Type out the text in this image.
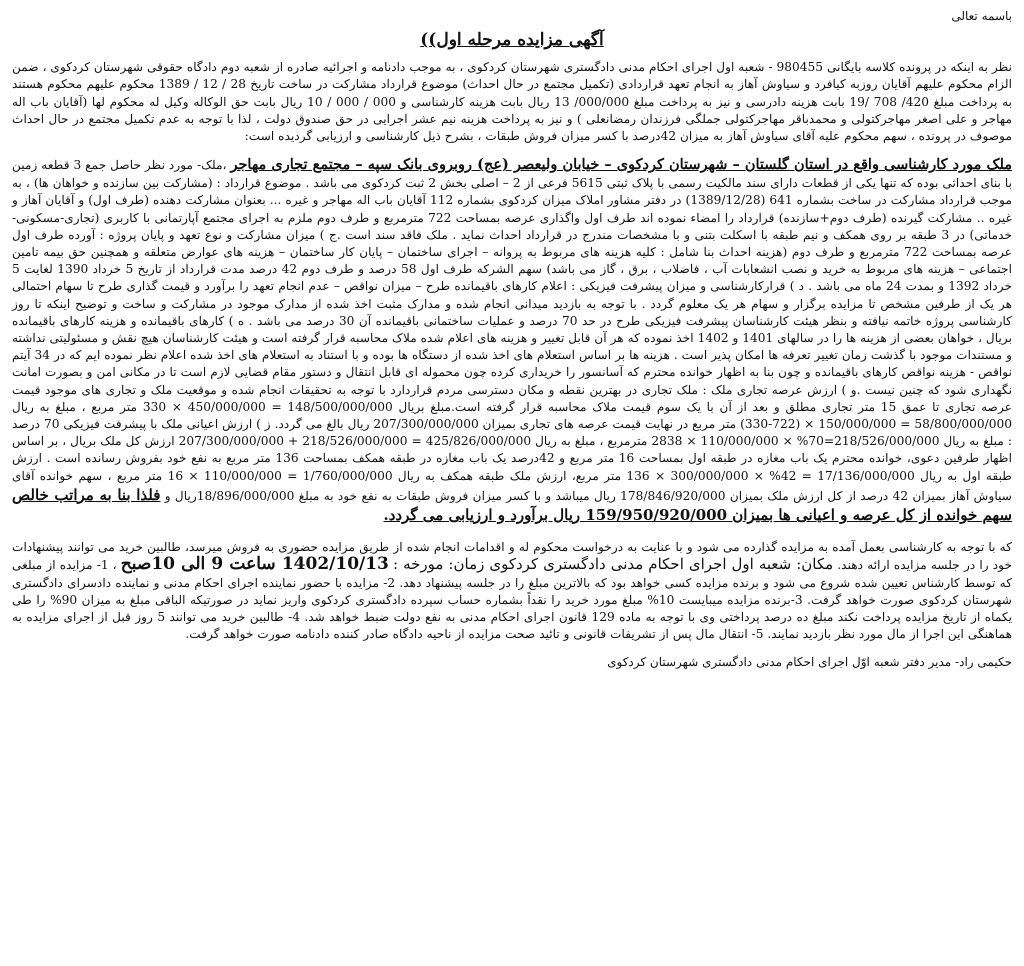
باسمه تعالی

آگهی مزایده مرحله اول))

نظر به اینکه در پرونده کلاسه بایگانی 980455 - شعبه اول اجرای احکام مدنی دادگستری شهرستان کردکوی ، به موجب دادنامه و اجرائیه صادره از شعبه دوم دادگاه حقوقی شهرستان کردکوی ، ضمن الزام محکوم علیهم آقایان روزبه کیافرد و سیاوش آهاز به انجام تعهد قراردادی (تکمیل مجتمع در حال احداث) موضوع قرارداد مشارکت در ساخت تاریخ 28 / 12 / 1389 محکوم علیهم محکوم هستند به پرداخت مبلغ 420/ 708 /19 بابت هزینه دادرسی و نیز به پرداخت مبلغ 000/000/ 13 ریال بابت هزینه کارشناسی و 000 / 000 / 10 ریال بابت حق الوکاله وکیل له محکوم لها (آقایان باب اله مهاجر و علی اصغر مهاجرکتولی و محمدباقر مهاجرکتولی جملگی فرزندان رمضانعلی ) و نیز به پرداخت هزینه نیم عشر اجرایی در حق صندوق دولت ، لذا با توجه به عدم تکمیل مجتمع در حال احداث موصوف در پرونده ، سهم محکوم علیه آقای سیاوش آهاز به میزان 42درصد با کسر میزان فروش طبقات ، بشرح ذیل کارشناسی و ارزیابی گردیده است:

ملک مورد کارشناسی واقع در استان گلستان – شهرستان کردکوی – خیابان ولیعصر (عج) روبروی بانک سپه – مجتمع تجاری مهاجر ،ملک- مورد نظر حاصل جمع 3 قطعه زمین با بنای احداثی بوده که تنها یکی از قطعات دارای سند مالکیت رسمی با پلاک ثبتی 5615 فرعی از 2 – اصلی بخش 2 ثبت کردکوی می باشد . موضوع قرارداد : (مشارکت بین سازنده و خواهان ها) ، به موجب قرارداد مشارکت در ساخت بشماره 641 (1389/12/28) در دفتر مشاور املاک میزان کردکوی بشماره 112 آقایان باب اله مهاجر و غیره ... بعنوان مشارکت دهنده (طرف اول) و آقایان آهاز و غیره .. مشارکت گیرنده (طرف دوم+سازنده) قرارداد را امضاء نموده اند طرف اول واگذاری عرصه بمساحت 722 مترمربع و طرف دوم ملزم به اجرای مجتمع آپارتمانی با کاربری (تجاری-مسکونی-خدماتی) در 3 طبقه بر روی همکف و نیم طبقه با اسکلت بتنی و با مشخصات مندرج در قرارداد احداث نماید . ملک فاقد سند است .ج ) میزان مشارکت و نوع تعهد و پایان پروژه : آورده طرف اول عرصه بمساحت 722 مترمربع و طرف دوم (هزینه احداث بنا شامل : کلیه هزینه های مربوط به پروانه – اجرای ساختمان – پایان کار ساختمان – هزینه های عوارض متعلقه و همچنین حق بیمه تامین اجتماعی – هزینه های مربوط به خرید و نصب انشعابات آب ، فاضلاب ، برق ، گاز می باشد) سهم الشرکه طرف اول 58 درصد و طرف دوم 42 درصد مدت قرارداد از تاریخ 5 خرداد 1390 لغایت 5 خرداد 1392 و بمدت 24 ماه می باشد . د ) قرارکارشناسی و میزان پیشرفت فیزیکی : اعلام کارهای باقیمانده طرح – میزان نواقص – عدم انجام تعهد را برآورد و قیمت گذاری طرح تا سهام احتمالی هر یک از طرفین مشخص تا مزایده برگزار و سهام هر یک معلوم گردد . با توجه به بازدید میدانی انجام شده و مدارک مثبت اخذ شده از مدارک موجود در مشارکت و ساخت و توضیح اینکه تا روز کارشناسی پروژه خاتمه نیافته و بنظر هیئت کارشناسان پیشرفت فیزیکی طرح در حد 70 درصد و عملیات ساختمانی باقیمانده آن 30 درصد می باشد . ه ) کارهای باقیمانده و هزینه کارهای باقیمانده بریال ، خواهان بعضی از هزینه ها را در سالهای 1401 و 1402 اخذ نموده که هر آن قابل تغییر و هزینه های اعلام شده ملاک محاسبه قرار گرفته است و هیئت کارشناسان هیچ نقش و مسئولیتی نداشته و مستندات موجود با گذشت زمان تغییر تعرفه ها امکان پذیر است . هزینه ها بر اساس استعلام های اخذ شده از دستگاه ها بوده و با استناد به استعلام های اخذ شده اعلام نظر نموده ایم که در 34 آیتم نواقص - هزینه نواقص کارهای باقیمانده و چون بنا به اظهار خوانده محترم که آسانسور را خریداری کرده چون محموله ای قابل انتقال و دستور مقام قضایی لازم است تا در مکانی امن و بصورت امانت نگهداری شود که چنین نیست .و ) ارزش عرصه تجاری ملک : ملک تجاری در بهترین نقطه و مکان دسترسی مردم قراردارد با توجه به تحقیقات انجام شده و موقعیت ملک و تجاری های موجود قیمت عرصه تجاری تا عمق 15 متر تجاری مطلق و بعد از آن با یک سوم قیمت ملاک محاسبه قرار گرفته است.مبلغ بریال 148/500/000/000 = 450/000/000 × 330 متر مربع ، مبلغ به ریال 58/800/000/000 = 150/000/000 × (722-330) متر مربع در نهایت قیمت عرصه های تجاری بمیزان 207/300/000/000 ریال بالغ می گردد. ز ) ارزش اعیانی ملک با پیشرفت فیزیکی 70 درصد : مبلغ به ریال 218/526/000/000=70% × 110/000/000 × 2838 مترمربع ، مبلغ به ریال 425/826/000/000 = 218/526/000/000 + 207/300/000/000 ارزش کل ملک بریال ، بر اساس اظهار طرفین دعوی، خوانده محترم یک باب مغازه در طبقه اول بمساحت 16 متر مربع و 42درصد یک باب مغازه در طبقه همکف بمساحت 136 متر مربع به نفع خود بفروش رسانده است . ارزش طبقه اول به ریال 17/136/000/000 = 42% × 300/000/000 × 136 متر مربع، ارزش ملک طبقه همکف به ریال 1/760/000/000 = 110/000/000 × 16 متر مربع ، سهم خوانده آقای سیاوش آهاز بمیزان 42 درصد از کل ارزش ملک بمیزان 178/846/920/000 ریال میباشد و با کسر میزان فروش طبقات به نفع خود به مبلغ 18/896/000/000ریال و فلذا بنا به مراتب خالص سهم خوانده از کل عرصه و اعیانی ها بمیزان 159/950/920/000 ریال برآورد و ارزیابی می گردد.

که با توجه به کارشناسی بعمل آمده به مزایده گذارده می شود و با عنایت به درخواست محکوم له و اقدامات انجام شده از طریق مزایده حضوری به فروش میرسد، طالبین خرید می توانند پیشنهادات خود را در جلسه مزایده ارائه دهند. مکان: شعبه اول اجرای احکام مدنی دادگستری کردکوی زمان: مورخه : 1402/10/13 ساعت 9 الی 10صبح ، 1- مزایده از مبلغی که توسط کارشناس تعیین شده شروع می شود و برنده مزایده کسی خواهد بود که بالاترین مبلغ را در جلسه پیشنهاد دهد. 2- مزایده با حضور نماینده اجرای احکام مدنی و نماینده دادسرای دادگستری شهرستان کردکوی صورت خواهد گرفت. 3-برنده مزایده میبایست 10% مبلغ مورد خرید را نقداً بشماره حساب سپرده دادگستری کردکوی واریز نماید در صورتیکه الباقی مبلغ به میزان 90% را طی یکماه از تاریخ مزایده پرداخت نکند مبلغ ده درصد پرداختی وی با توجه به ماده 129 قانون اجرای احکام مدنی به نفع دولت ضبط خواهد شد. 4- طالبین خرید می توانند 5 روز قبل از اجرای مزایده به هماهنگی این اجرا از مال مورد نظر بازدید نمایند. 5- انتقال مال پس از تشریفات قانونی و تائید صحت مزایده از ناحیه دادگاه صادر کننده دادنامه صورت خواهد گرفت.

حکیمی راد- مدیر دفتر شعبه اوّل اجرای احکام مدنی دادگستری شهرستان کردکوی
